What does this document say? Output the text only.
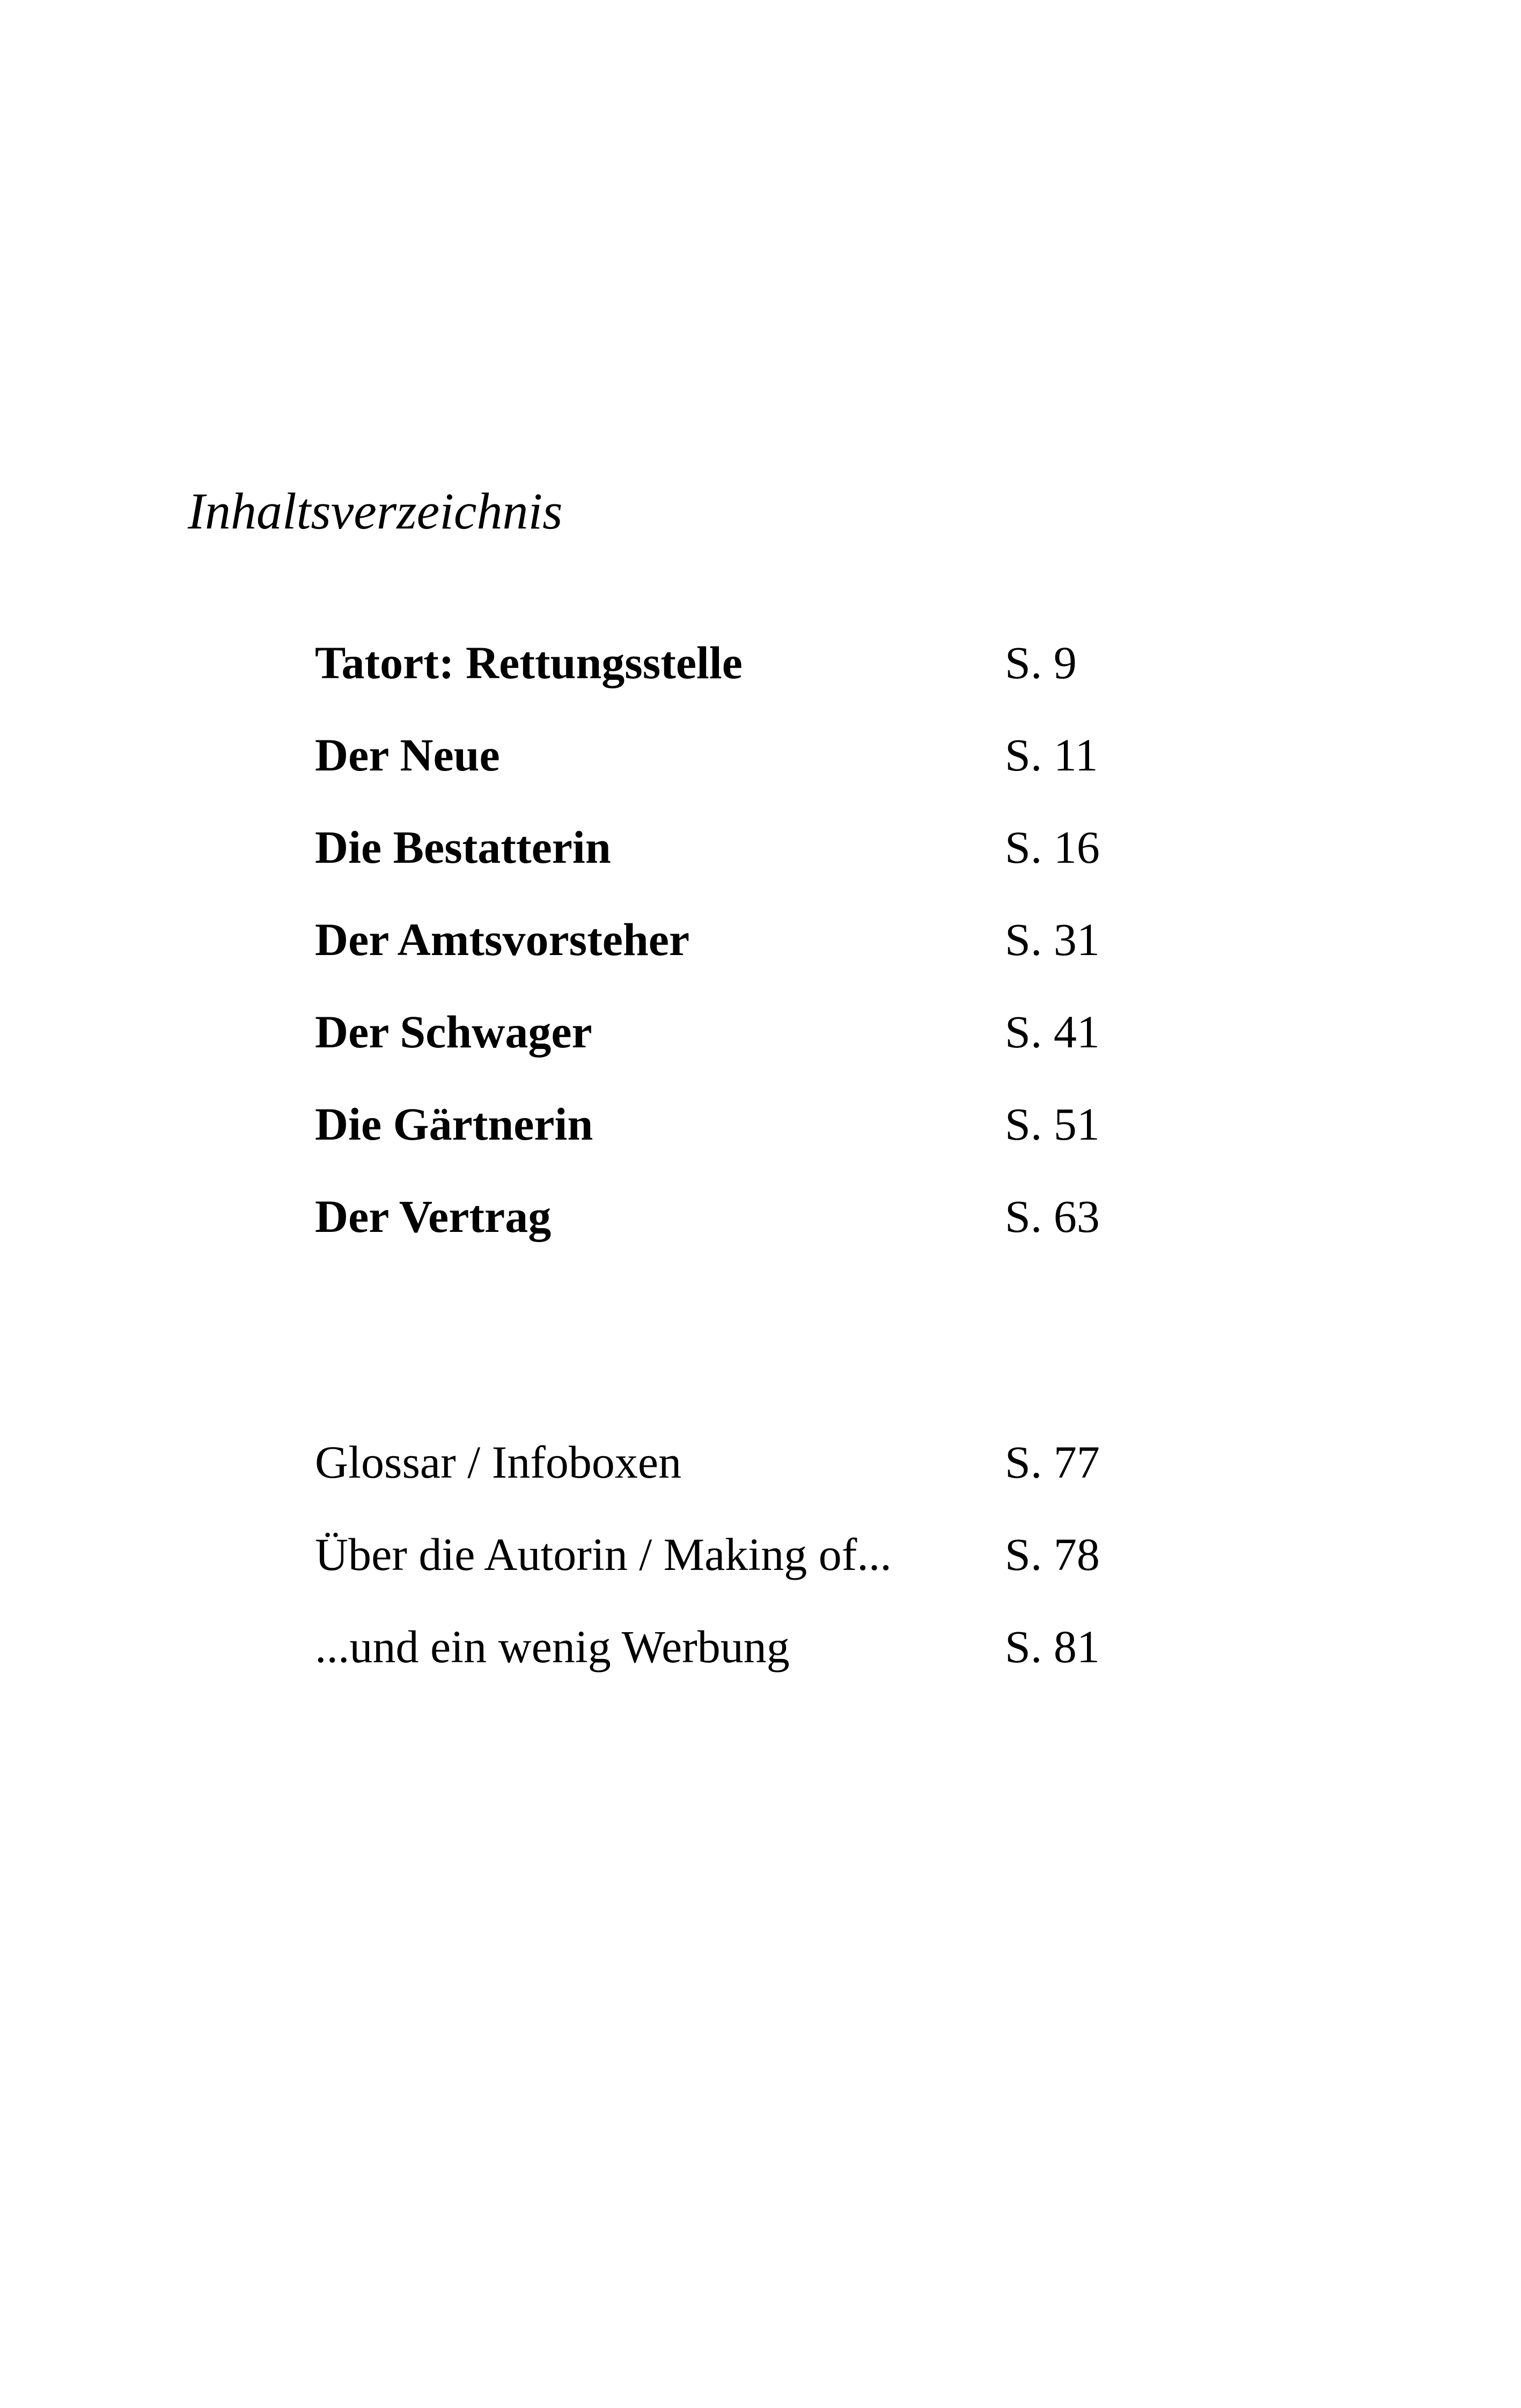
Inhaltsverzeichnis
Tatort: Rettungsstelle	S. 9
Der Neue	S. 11
Die Bestatterin	S. 16
Der Amtsvorsteher	S. 31
Der Schwager	S. 41
Die Gärtnerin	S. 51
Der Vertrag	S. 63
Glossar / Infoboxen	S. 77
Über die Autorin / Making of... S. 78
...und ein wenig Werbung	S. 81
